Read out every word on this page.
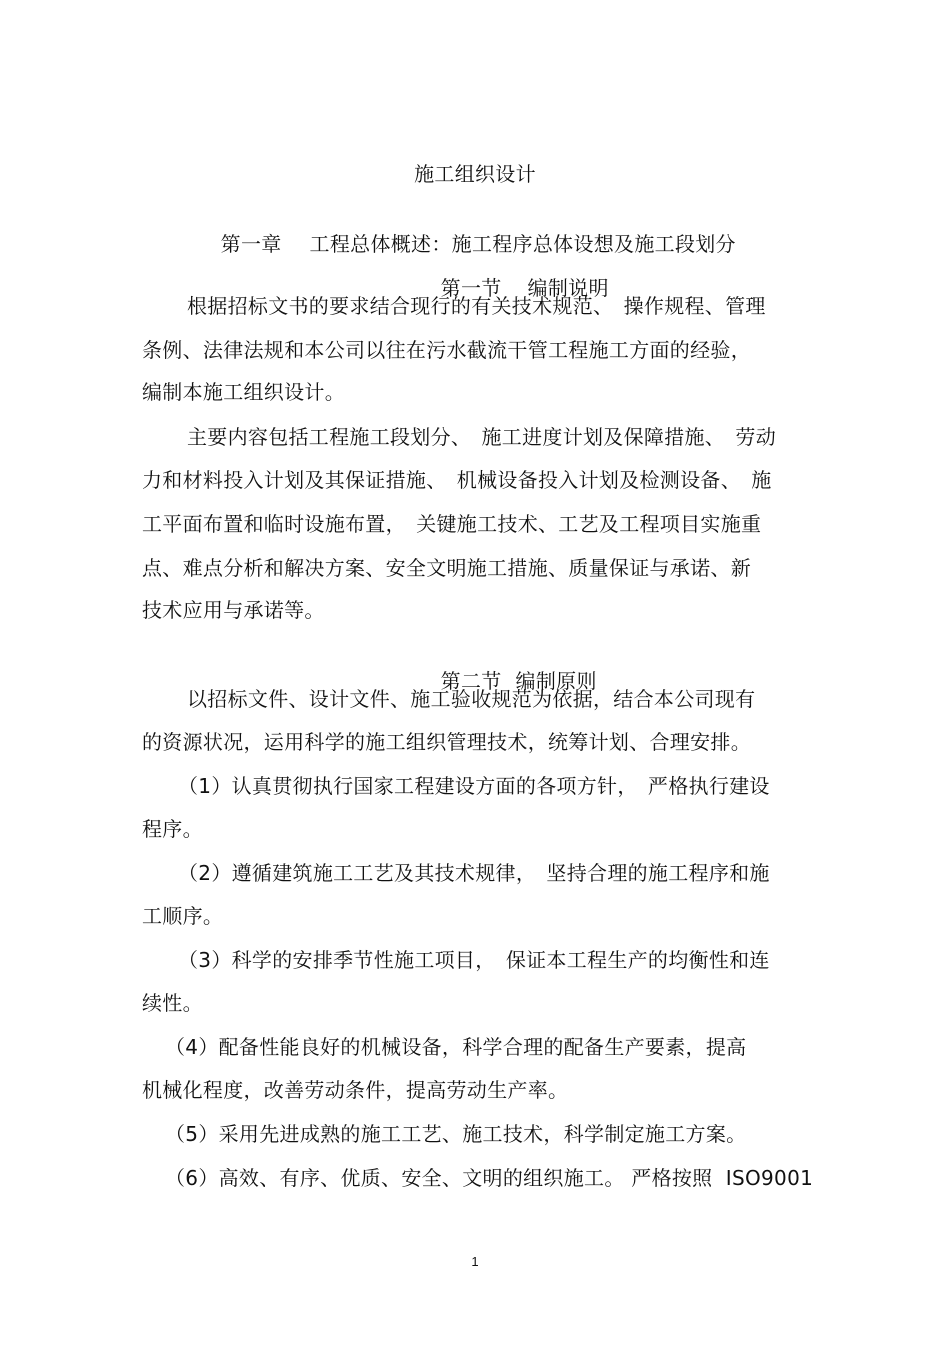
施工组织设计

第一章 工程总体概述：施工程序总体设想及施工段划分

第一节 编制说明

根据招标文书的要求结合现行的有关技术规范、　操作规程、管理
条例、法律法规和本公司以往在污水截流干管工程施工方面的经验，
编制本施工组织设计。
主要内容包括工程施工段划分、　施工进度计划及保障措施、　劳动
力和材料投入计划及其保证措施、　机械设备投入计划及检测设备、　施
工平面布置和临时设施布置，　关键施工技术、工艺及工程项目实施重
点、难点分析和解决方案、安全文明施工措施、质量保证与承诺、新
技术应用与承诺等。

第二节 编制原则

以招标文件、设计文件、施工验收规范为依据，结合本公司现有
的资源状况，运用科学的施工组织管理技术，统筹计划、合理安排。
（1）认真贯彻执行国家工程建设方面的各项方针，　严格执行建设
程序。
（2）遵循建筑施工工艺及其技术规律，　坚持合理的施工程序和施
工顺序。
（3）科学的安排季节性施工项目，　保证本工程生产的均衡性和连
续性。
（4）配备性能良好的机械设备，科学合理的配备生产要素，提高
机械化程度，改善劳动条件，提高劳动生产率。
（5）采用先进成熟的施工工艺、施工技术，科学制定施工方案。
（6）高效、有序、优质、安全、文明的组织施工。 严格按照  ISO9001
1
